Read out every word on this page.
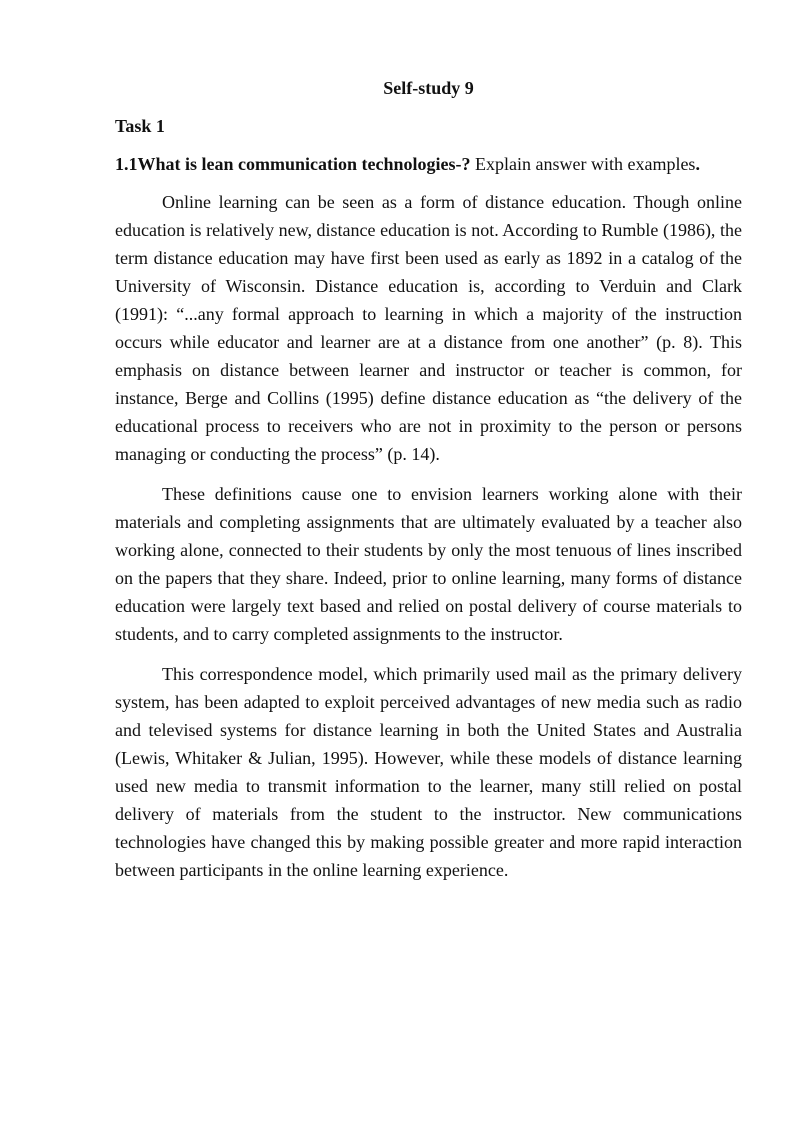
Self-study 9
Task 1
1.1What is lean communication technologies-? Explain answer with examples.

Online learning can be seen as a form of distance education. Though online education is relatively new, distance education is not. According to Rumble (1986), the term distance education may have first been used as early as 1892 in a catalog of the University of Wisconsin. Distance education is, according to Verduin and Clark (1991): “...any formal approach to learning in which a majority of the instruction occurs while educator and learner are at a distance from one another” (p. 8). This emphasis on distance between learner and instructor or teacher is common, for instance, Berge and Collins (1995) define distance education as “the delivery of the educational process to receivers who are not in proximity to the person or persons managing or conducting the process” (p. 14).

These definitions cause one to envision learners working alone with their materials and completing assignments that are ultimately evaluated by a teacher also working alone, connected to their students by only the most tenuous of lines inscribed on the papers that they share. Indeed, prior to online learning, many forms of distance education were largely text based and relied on postal delivery of course materials to students, and to carry completed assignments to the instructor.

This correspondence model, which primarily used mail as the primary delivery system, has been adapted to exploit perceived advantages of new media such as radio and televised systems for distance learning in both the United States and Australia (Lewis, Whitaker & Julian, 1995). However, while these models of distance learning used new media to transmit information to the learner, many still relied on postal delivery of materials from the student to the instructor. New communications technologies have changed this by making possible greater and more rapid interaction between participants in the online learning experience.
